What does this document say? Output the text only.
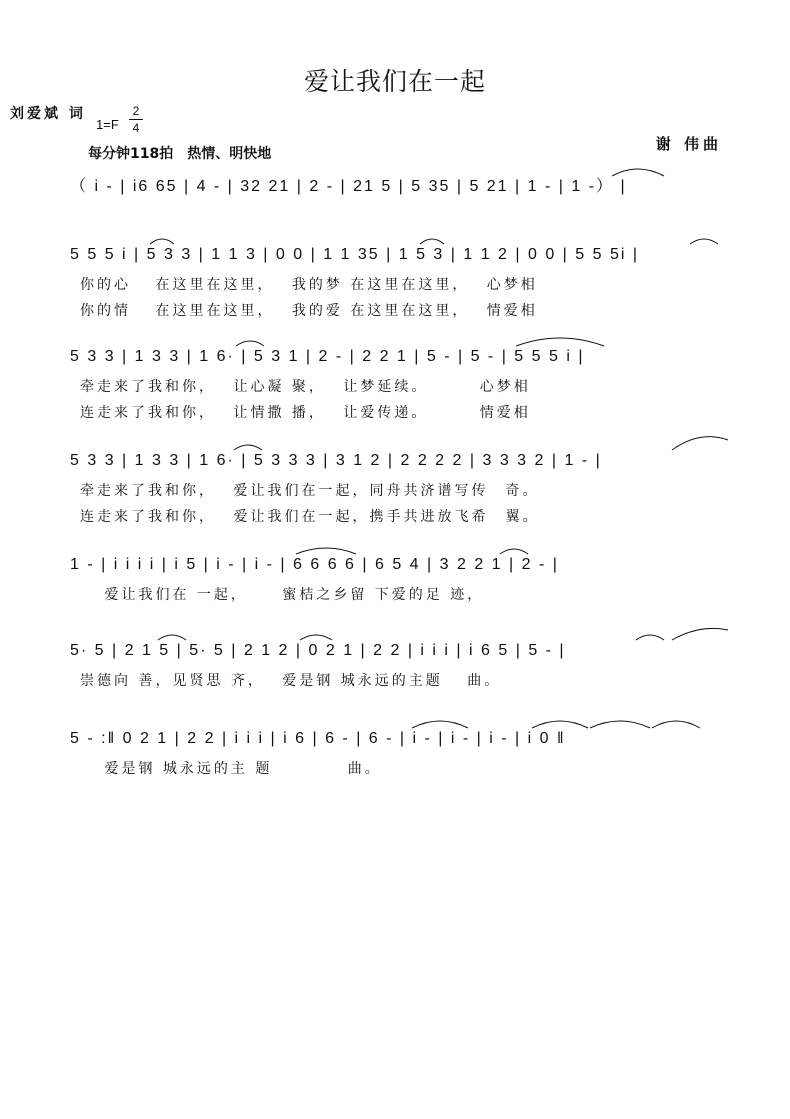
爱让我们在一起
1=F
2
4
每分钟118拍　热情、明快地
刘爱斌 词
谢 伟曲
（ i - | i6 65 | 4 - | 32 21 | 2 - | 21 5 | 5 35 | 5 21 | 1 - | 1 -） |
5 5 5 i | 5 3 3 | 1 1 3 | 0 0 | 1 1 35 | 1 5 3 | 1 1 2 | 0 0 | 5 5 5i |
你的心　 在这里在这里，　 我的梦 在这里在这里，　 心梦相
你的情　 在这里在这里，　 我的爱 在这里在这里，　 情爱相
5 3 3 | 1 3 3 | 1 6· | 5 3 1 | 2 - | 2 2 1 | 5 - | 5 - | 5 5 5 i |
牵走来了我和你，　 让心凝 聚，　 让梦延续。　　　 心梦相
连走来了我和你，　 让情撒 播，　 让爱传递。　　　 情爱相
5 3 3 | 1 3 3 | 1 6· | 5 3 3 3 | 3 1 2 | 2 2 2 2 | 3 3 3 2 | 1 - |
牵走来了我和你，　 爱让我们在一起，同舟共济谱写传　奇。
连走来了我和你，　 爱让我们在一起，携手共进放飞希　翼。
1 - | i i i i | i 5 | i - | i - | 6 6 6 6 | 6 5 4 | 3 2 2 1 | 2 - |
　 爱让我们在 一起，　　 蜜桔之乡留 下爱的足 迹，
5· 5 | 2 1 5 | 5· 5 | 2 1 2 | 0 2 1 | 2 2 | i i i | i 6 5 | 5 - |
崇德向 善，见贤思 齐，　 爱是钢 城永远的主题　 曲。
5 - :‖ 0 2 1 | 2 2 | i i i | i 6 | 6 - | 6 - | i - | i - | i - | i 0 ‖
　 爱是钢 城永远的主 题　　　　 曲。
